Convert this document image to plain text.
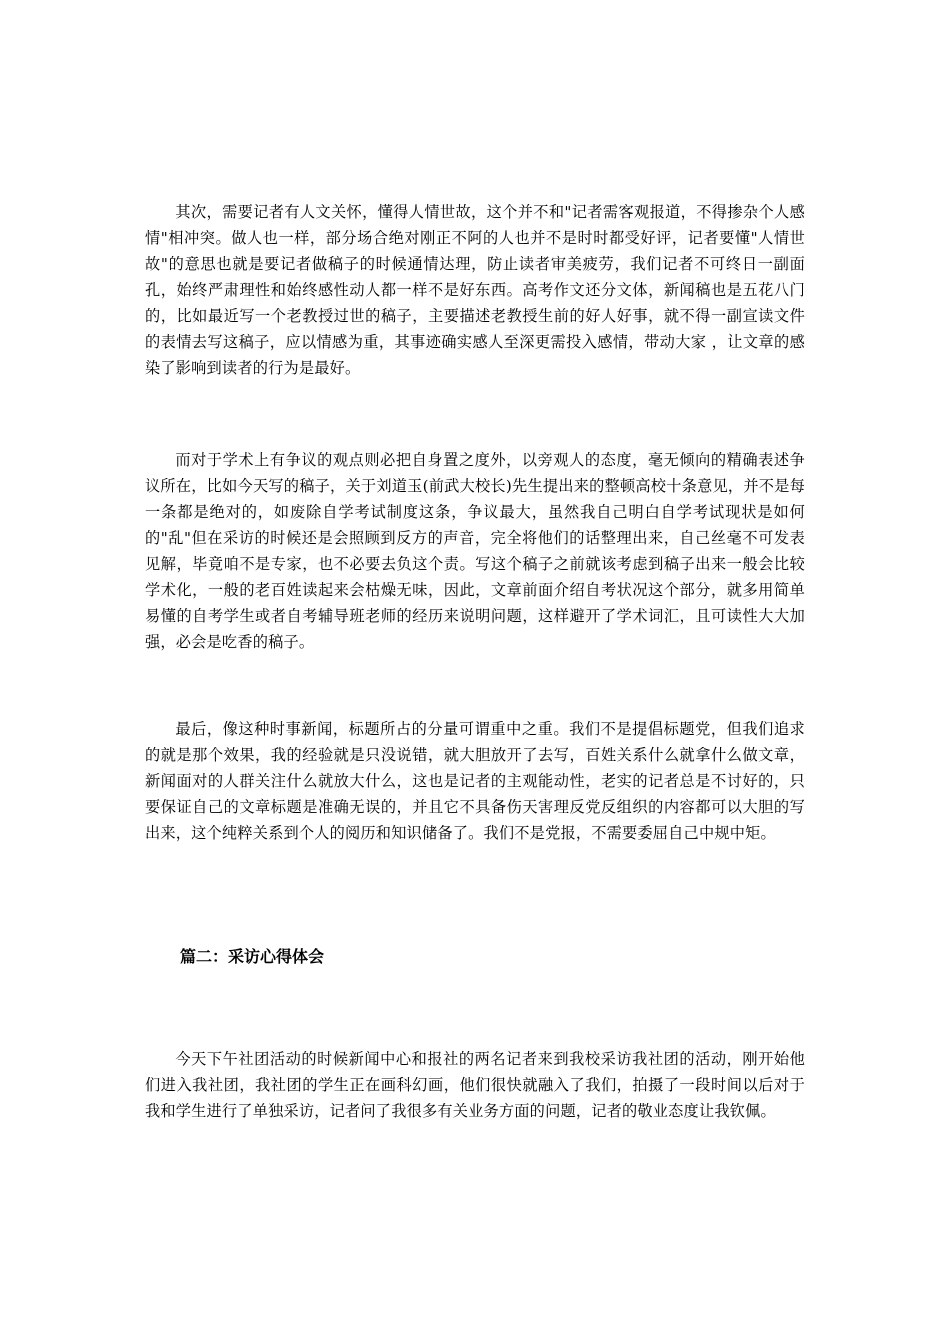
其次，需要记者有人文关怀，懂得人情世故，这个并不和"记者需客观报道，不得掺杂个人感情"相冲突。做人也一样，部分场合绝对刚正不阿的人也并不是时时都受好评，记者要懂"人情世故"的意思也就是要记者做稿子的时候通情达理，防止读者审美疲劳，我们记者不可终日一副面孔，始终严肃理性和始终感性动人都一样不是好东西。高考作文还分文体，新闻稿也是五花八门的，比如最近写一个老教授过世的稿子，主要描述老教授生前的好人好事，就不得一副宣读文件的表情去写这稿子，应以情感为重，其事迹确实感人至深更需投入感情，带动大家 ，让文章的感染了影响到读者的行为是最好。

而对于学术上有争议的观点则必把自身置之度外，以旁观人的态度，毫无倾向的精确表述争议所在，比如今天写的稿子，关于刘道玉(前武大校长)先生提出来的整顿高校十条意见，并不是每一条都是绝对的，如废除自学考试制度这条，争议最大，虽然我自己明白自学考试现状是如何的"乱"但在采访的时候还是会照顾到反方的声音，完全将他们的话整理出来，自己丝毫不可发表见解，毕竟咱不是专家，也不必要去负这个责。写这个稿子之前就该考虑到稿子出来一般会比较学术化，一般的老百姓读起来会枯燥无味，因此，文章前面介绍自考状况这个部分，就多用简单易懂的自考学生或者自考辅导班老师的经历来说明问题，这样避开了学术词汇，且可读性大大加强，必会是吃香的稿子。

最后，像这种时事新闻，标题所占的分量可谓重中之重。我们不是提倡标题党，但我们追求的就是那个效果，我的经验就是只没说错，就大胆放开了去写，百姓关系什么就拿什么做文章，新闻面对的人群关注什么就放大什么，这也是记者的主观能动性，老实的记者总是不讨好的，只要保证自己的文章标题是准确无误的，并且它不具备伤天害理反党反组织的内容都可以大胆的写出来，这个纯粹关系到个人的阅历和知识储备了。我们不是党报，不需要委屈自己中规中矩。

篇二：采访心得体会

今天下午社团活动的时候新闻中心和报社的两名记者来到我校采访我社团的活动，刚开始他们进入我社团，我社团的学生正在画科幻画，他们很快就融入了我们，拍摄了一段时间以后对于我和学生进行了单独采访，记者问了我很多有关业务方面的问题，记者的敬业态度让我钦佩。
